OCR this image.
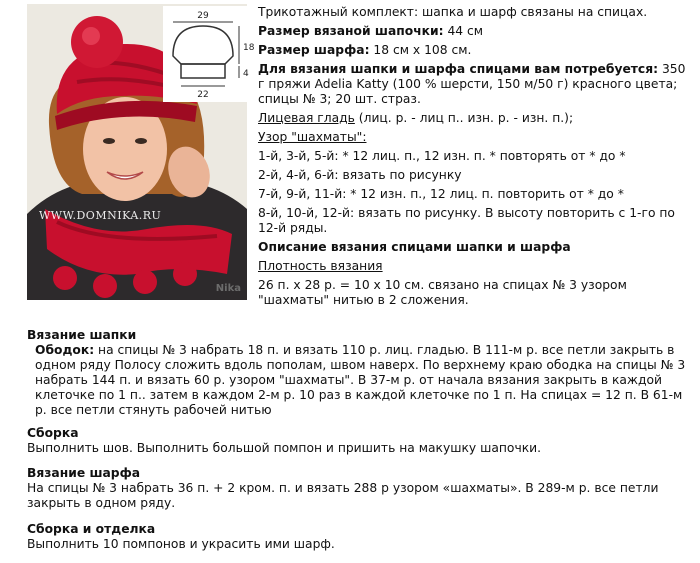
WWW.DOMNIKA.RU
Nika
29
18
4
22

Трикотажный комплект: шапка и шарф связаны на спицах.

Размер вязаной шапочки: 44 см

Размер шарфа: 18 см х 108 см.

Для вязания шапки и шарфа спицами вам потребуется: 350 г пряжи Adelia Katty (100 % шерсти, 150 м/50 г) красного цвета; спицы № 3; 20 шт. страз.

Лицевая гладь (лиц. р. - лиц п.. изн. р. - изн. п.);

Узор "шахматы":

1-й, 3-й, 5-й: * 12 лиц. п., 12 изн. п. * повторять от * до *

2-й, 4-й, 6-й: вязать по рисунку

7-й, 9-й, 11-й: * 12 изн. п., 12 лиц. п. повторить от * до *

8-й, 10-й, 12-й: вязать по рисунку. В высоту повторить с 1-го по 12-й ряды.

Описание вязания спицами шапки и шарфа

Плотность вязания

26 п. х 28 р. = 10 х 10 см. связано на спицах № 3 узором "шахматы" нитью в 2 сложения.

Вязание шапки

Ободок: на спицы № 3 набрать 18 п. и вязать 110 р. лиц. гладью. В 111-м р. все петли закрыть в одном ряду Полосу сложить вдоль пополам, швом наверх. По верхнему краю ободка на спицы № 3 набрать 144 п. и вязать 60 р. узором "шахматы". В 37-м р. от начала вязания закрыть в каждой клеточке по 1 п.. затем в каждом 2-м р. 10 раз в каждой клеточке по 1 п. На спицах = 12 п. В 61-м р. все петли стянуть рабочей нитью

Сборка

Выполнить шов. Выполнить большой помпон и пришить на макушку шапочки.

Вязание шарфа

На спицы № 3 набрать 36 п. + 2 кром. п. и вязать 288 р узором «шахматы». В 289-м р. все петли закрыть в одном ряду.

Сборка и отделка

Выполнить 10 помпонов и украсить ими шарф.
